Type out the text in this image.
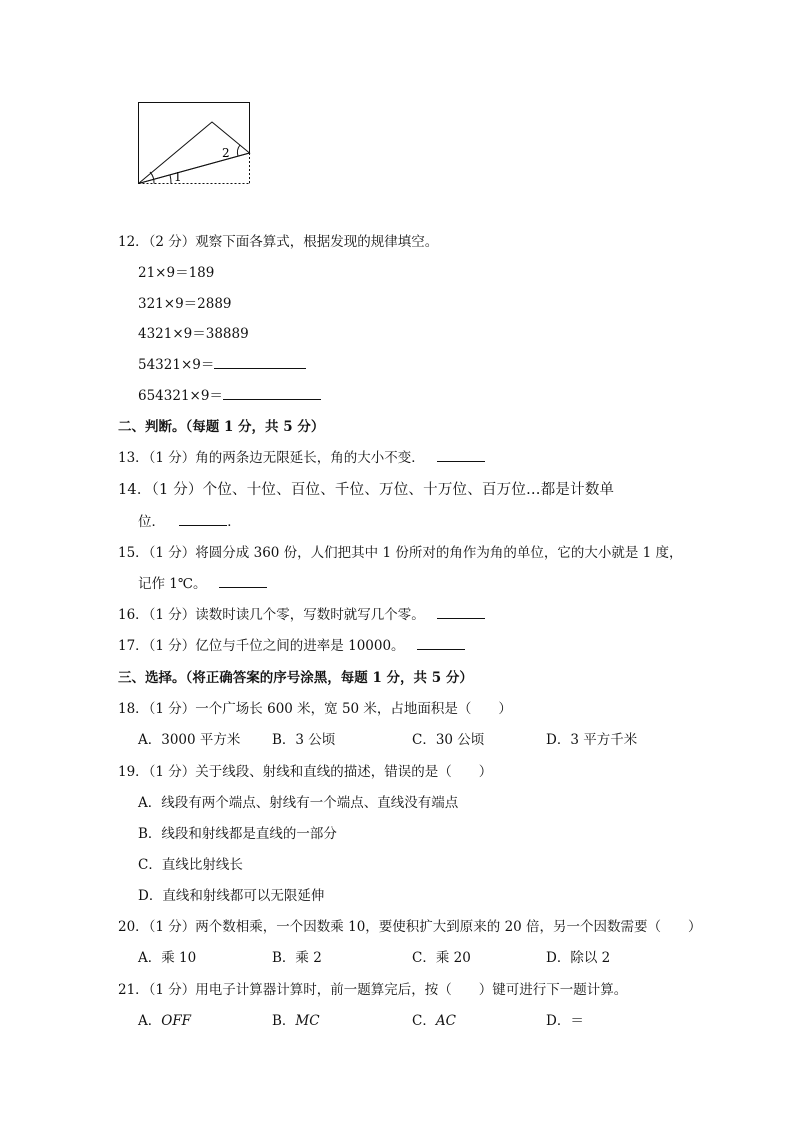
1
2
12．（2 分）观察下面各算式，根据发现的规律填空。
21×9＝189
321×9＝2889
4321×9＝38889
54321×9＝
654321×9＝
二、判断。（每题 1 分，共 5 分）
13．（1 分）角的两条边无限延长，角的大小不变．
14．（1 分）个位、十位、百位、千位、万位、十万位、百万位…都是计数单
位．	．
15．（1 分）将圆分成 360 份，人们把其中 1 份所对的角作为角的单位，它的大小就是 1 度，
记作 1℃。
16．（1 分）读数时读几个零，写数时就写几个零。
17．（1 分）亿位与千位之间的进率是 10000。
三、选择。（将正确答案的序号涂黑，每题 1 分，共 5 分）
18．（1 分）一个广场长 600 米，宽 50 米，占地面积是（　　）
A．3000 平方米 B．3 公顷	C．30 公顷	D．3 平方千米
19．（1 分）关于线段、射线和直线的描述，错误的是（　　）
A．线段有两个端点、射线有一个端点、直线没有端点
B．线段和射线都是直线的一部分
C．直线比射线长
D．直线和射线都可以无限延伸
20．（1 分）两个数相乘，一个因数乘 10，要使积扩大到原来的 20 倍，另一个因数需要（　　）
A．乘 10	B．乘 2	C．乘 20	D．除以 2
21．（1 分）用电子计算器计算时，前一题算完后，按（　　）键可进行下一题计算。
A．OFF	B．MC	C．AC	D．＝
